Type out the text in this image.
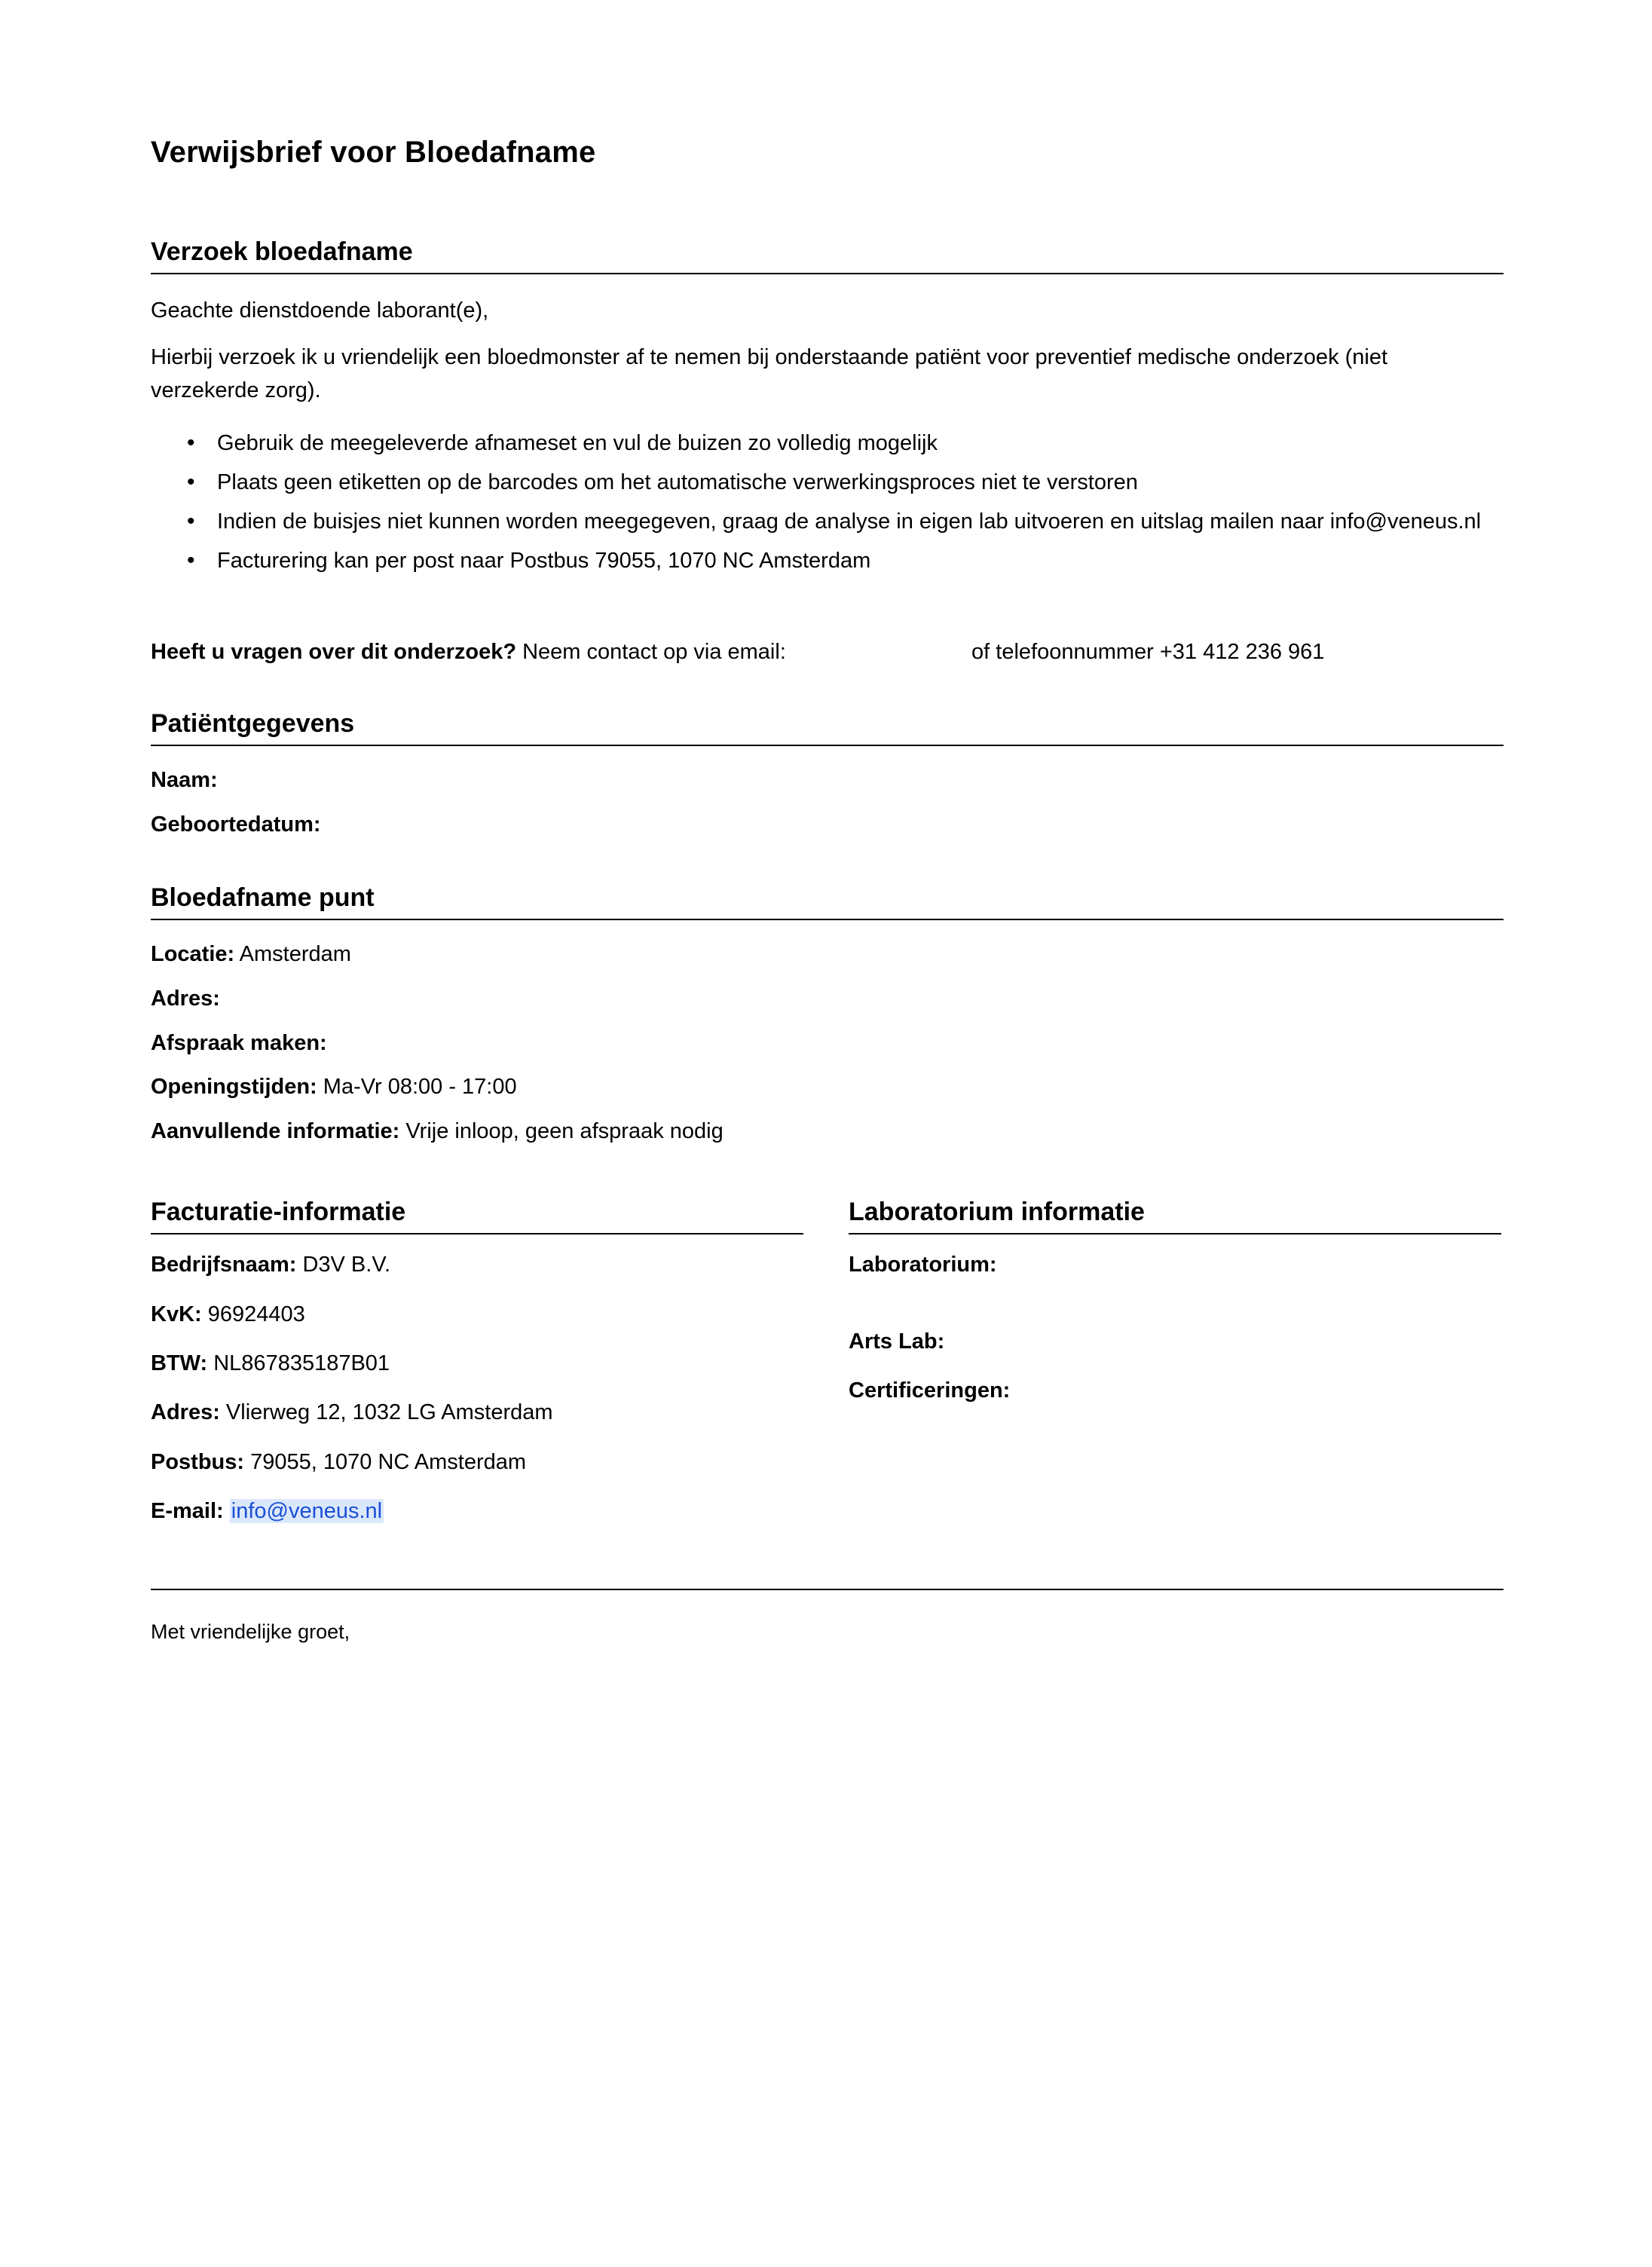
Verwijsbrief voor Bloedafname
Verzoek bloedafname

Geachte dienstdoende laborant(e),

Hierbij verzoek ik u vriendelijk een bloedmonster af te nemen bij onderstaande patiënt voor preventief medische onderzoek (niet verzekerde zorg).

• Gebruik de meegeleverde afnameset en vul de buizen zo volledig mogelijk
• Plaats geen etiketten op de barcodes om het automatische verwerkingsproces niet te verstoren
• Indien de buisjes niet kunnen worden meegegeven, graag de analyse in eigen lab uitvoeren en uitslag mailen naar info@veneus.nl
• Facturering kan per post naar Postbus 79055, 1070 NC Amsterdam

Heeft u vragen over dit onderzoek? Neem contact op via email:	of telefoonnummer +31 412 236 961

Patiëntgegevens
Naam:
Geboortedatum:
Bloedafname punt
Locatie: Amsterdam
Adres:
Afspraak maken:
Openingstijden: Ma-Vr 08:00 - 17:00
Aanvullende informatie: Vrije inloop, geen afspraak nodig
Facturatie-informatie
Bedrijfsnaam: D3V B.V.
KvK: 96924403
BTW: NL867835187B01
Adres: Vlierweg 12, 1032 LG Amsterdam
Postbus: 79055, 1070 NC Amsterdam
E-mail: info@veneus.nl
Laboratorium informatie
Laboratorium:
Arts Lab:
Certificeringen:

Met vriendelijke groet,
